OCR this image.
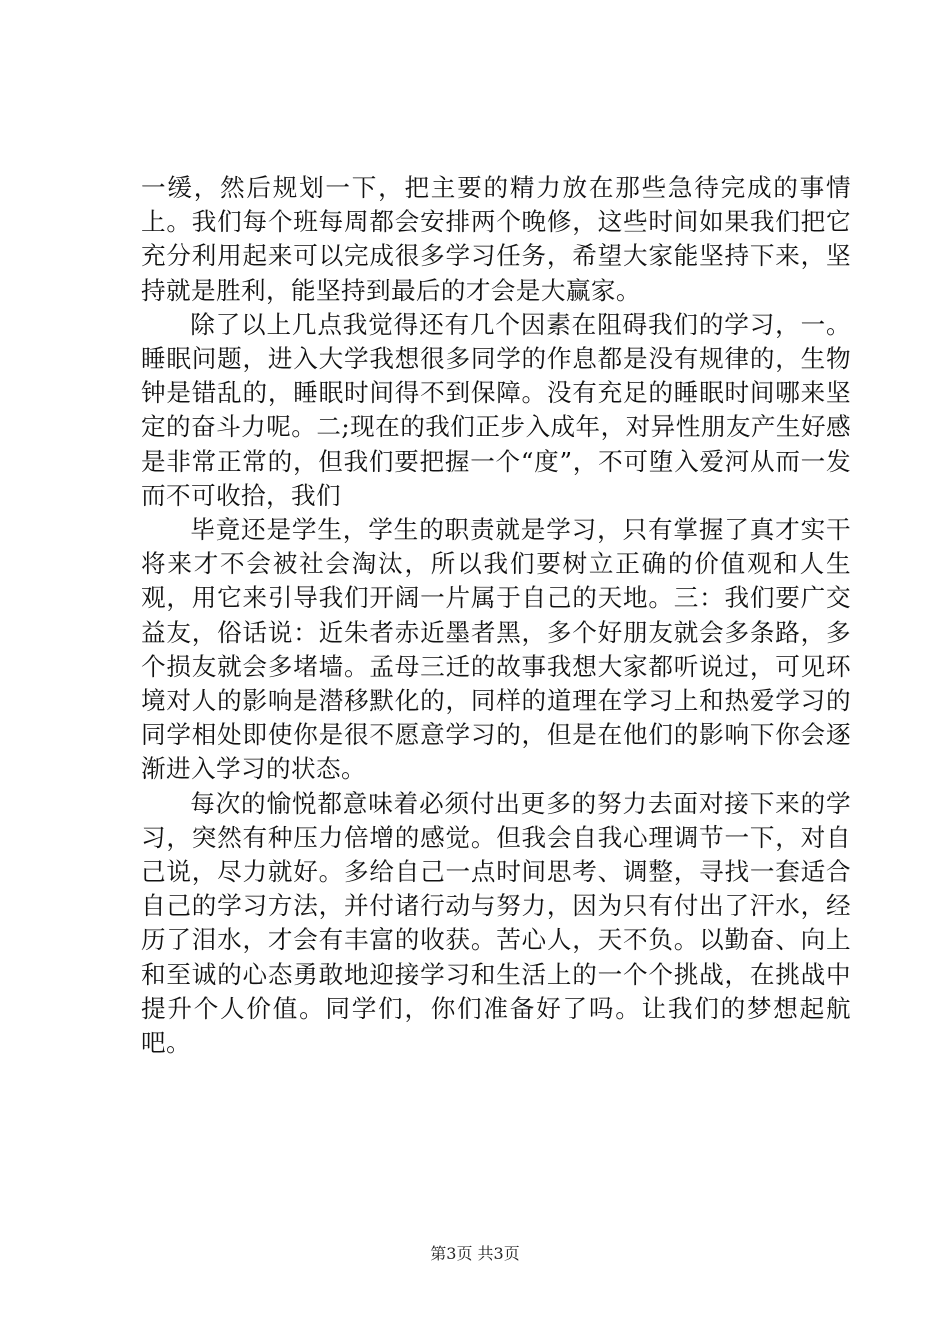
一缓，然后规划一下，把主要的精力放在那些急待完成的事情上。我们每个班每周都会安排两个晚修，这些时间如果我们把它充分利用起来可以完成很多学习任务，希望大家能坚持下来，坚持就是胜利，能坚持到最后的才会是大赢家。

除了以上几点我觉得还有几个因素在阻碍我们的学习，一。睡眠问题，进入大学我想很多同学的作息都是没有规律的，生物钟是错乱的，睡眠时间得不到保障。没有充足的睡眠时间哪来坚定的奋斗力呢。二;现在的我们正步入成年，对异性朋友产生好感是非常正常的，但我们要把握一个“度”，不可堕入爱河从而一发而不可收拾，我们

毕竟还是学生，学生的职责就是学习，只有掌握了真才实干将来才不会被社会淘汰，所以我们要树立正确的价值观和人生观，用它来引导我们开阔一片属于自己的天地。三：我们要广交益友，俗话说：近朱者赤近墨者黑，多个好朋友就会多条路，多个损友就会多堵墙。孟母三迁的故事我想大家都听说过，可见环境对人的影响是潜移默化的，同样的道理在学习上和热爱学习的同学相处即使你是很不愿意学习的，但是在他们的影响下你会逐渐进入学习的状态。

每次的愉悦都意味着必须付出更多的努力去面对接下来的学习，突然有种压力倍增的感觉。但我会自我心理调节一下，对自己说，尽力就好。多给自己一点时间思考、调整，寻找一套适合自己的学习方法，并付诸行动与努力，因为只有付出了汗水，经历了泪水，才会有丰富的收获。苦心人，天不负。以勤奋、向上和至诚的心态勇敢地迎接学习和生活上的一个个挑战，在挑战中提升个人价值。同学们，你们准备好了吗。让我们的梦想起航吧。

第3页 共3页
